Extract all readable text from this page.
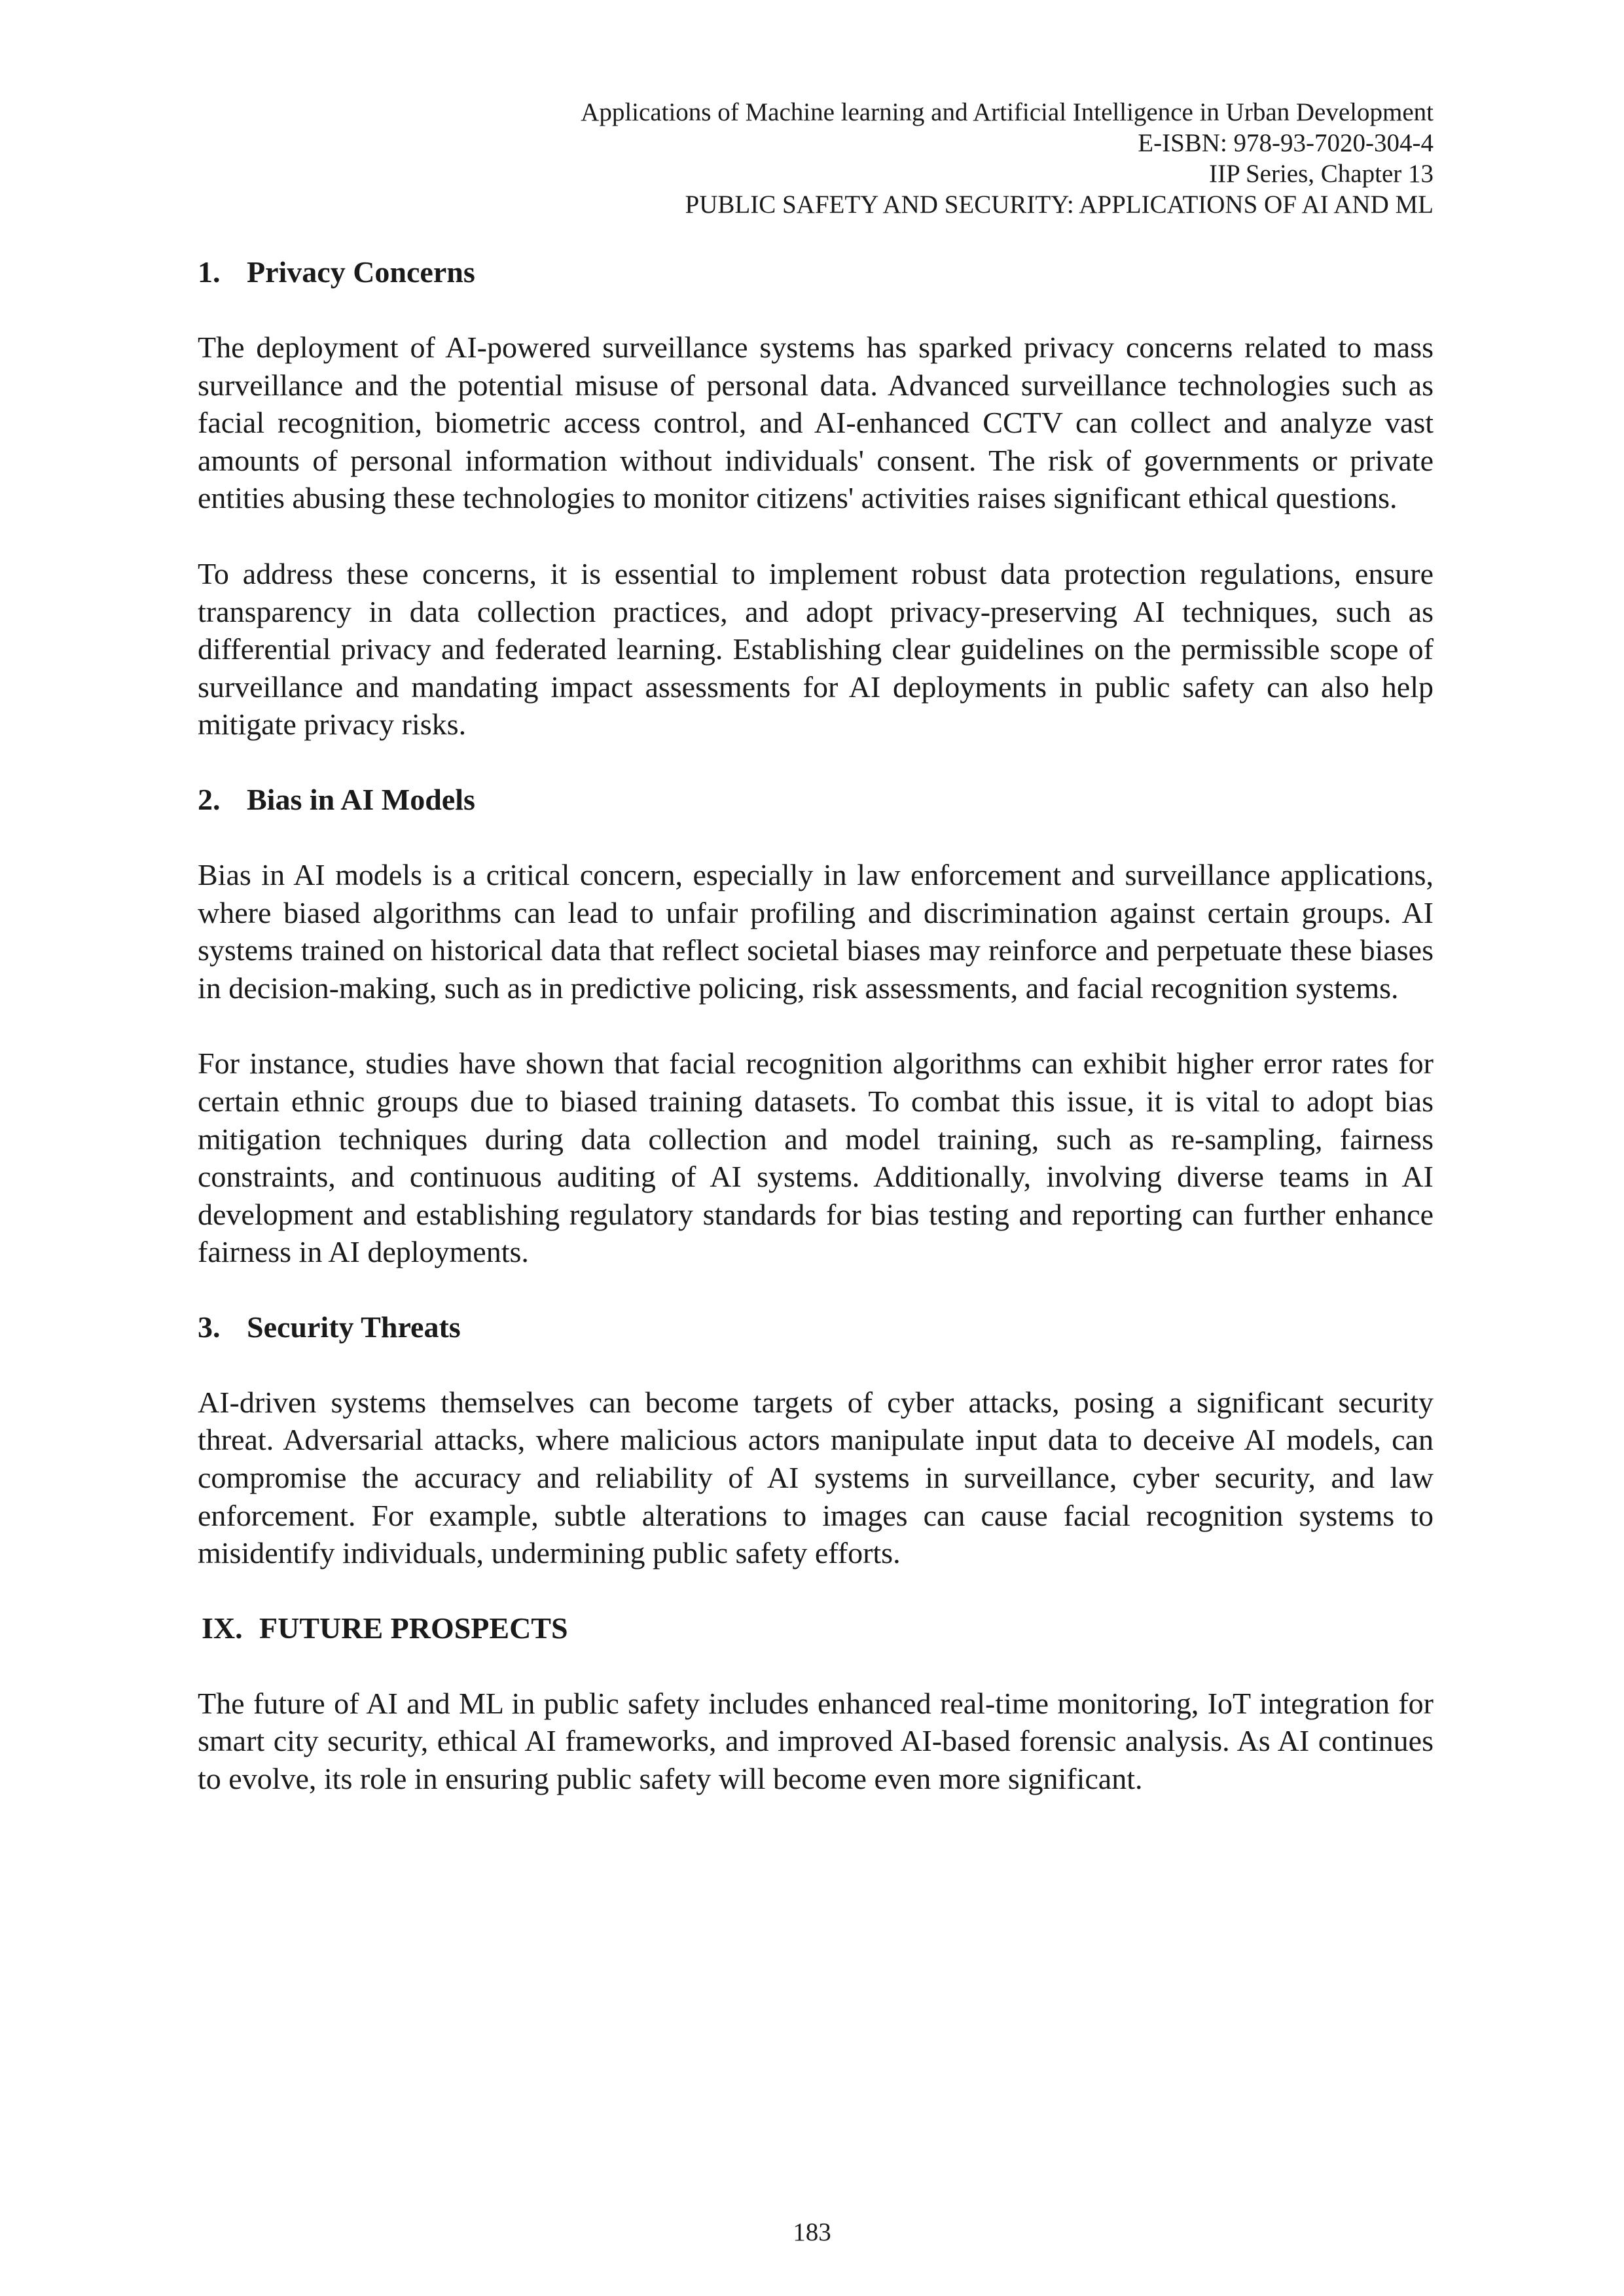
Applications of Machine learning and Artificial Intelligence in Urban Development
E-ISBN: 978-93-7020-304-4
IIP Series, Chapter 13
PUBLIC SAFETY AND SECURITY: APPLICATIONS OF AI AND ML
1. Privacy Concerns

The deployment of AI-powered surveillance systems has sparked privacy concerns related to mass surveillance and the potential misuse of personal data. Advanced surveillance technologies such as facial recognition, biometric access control, and AI-enhanced CCTV can collect and analyze vast amounts of personal information without individuals' consent. The risk of governments or private entities abusing these technologies to monitor citizens' activities raises significant ethical questions.

To address these concerns, it is essential to implement robust data protection regulations, ensure transparency in data collection practices, and adopt privacy-preserving AI techniques, such as differential privacy and federated learning. Establishing clear guidelines on the permissible scope of surveillance and mandating impact assessments for AI deployments in public safety can also help mitigate privacy risks.

2. Bias in AI Models

Bias in AI models is a critical concern, especially in law enforcement and surveillance applications, where biased algorithms can lead to unfair profiling and discrimination against certain groups. AI systems trained on historical data that reflect societal biases may reinforce and perpetuate these biases in decision-making, such as in predictive policing, risk assessments, and facial recognition systems.

For instance, studies have shown that facial recognition algorithms can exhibit higher error rates for certain ethnic groups due to biased training datasets. To combat this issue, it is vital to adopt bias mitigation techniques during data collection and model training, such as re-sampling, fairness constraints, and continuous auditing of AI systems. Additionally, involving diverse teams in AI development and establishing regulatory standards for bias testing and reporting can further enhance fairness in AI deployments.

3. Security Threats

AI-driven systems themselves can become targets of cyber attacks, posing a significant security threat. Adversarial attacks, where malicious actors manipulate input data to deceive AI models, can compromise the accuracy and reliability of AI systems in surveillance, cyber security, and law enforcement. For example, subtle alterations to images can cause facial recognition systems to misidentify individuals, undermining public safety efforts.

IX. FUTURE PROSPECTS

The future of AI and ML in public safety includes enhanced real-time monitoring, IoT integration for smart city security, ethical AI frameworks, and improved AI-based forensic analysis. As AI continues to evolve, its role in ensuring public safety will become even more significant.

183
